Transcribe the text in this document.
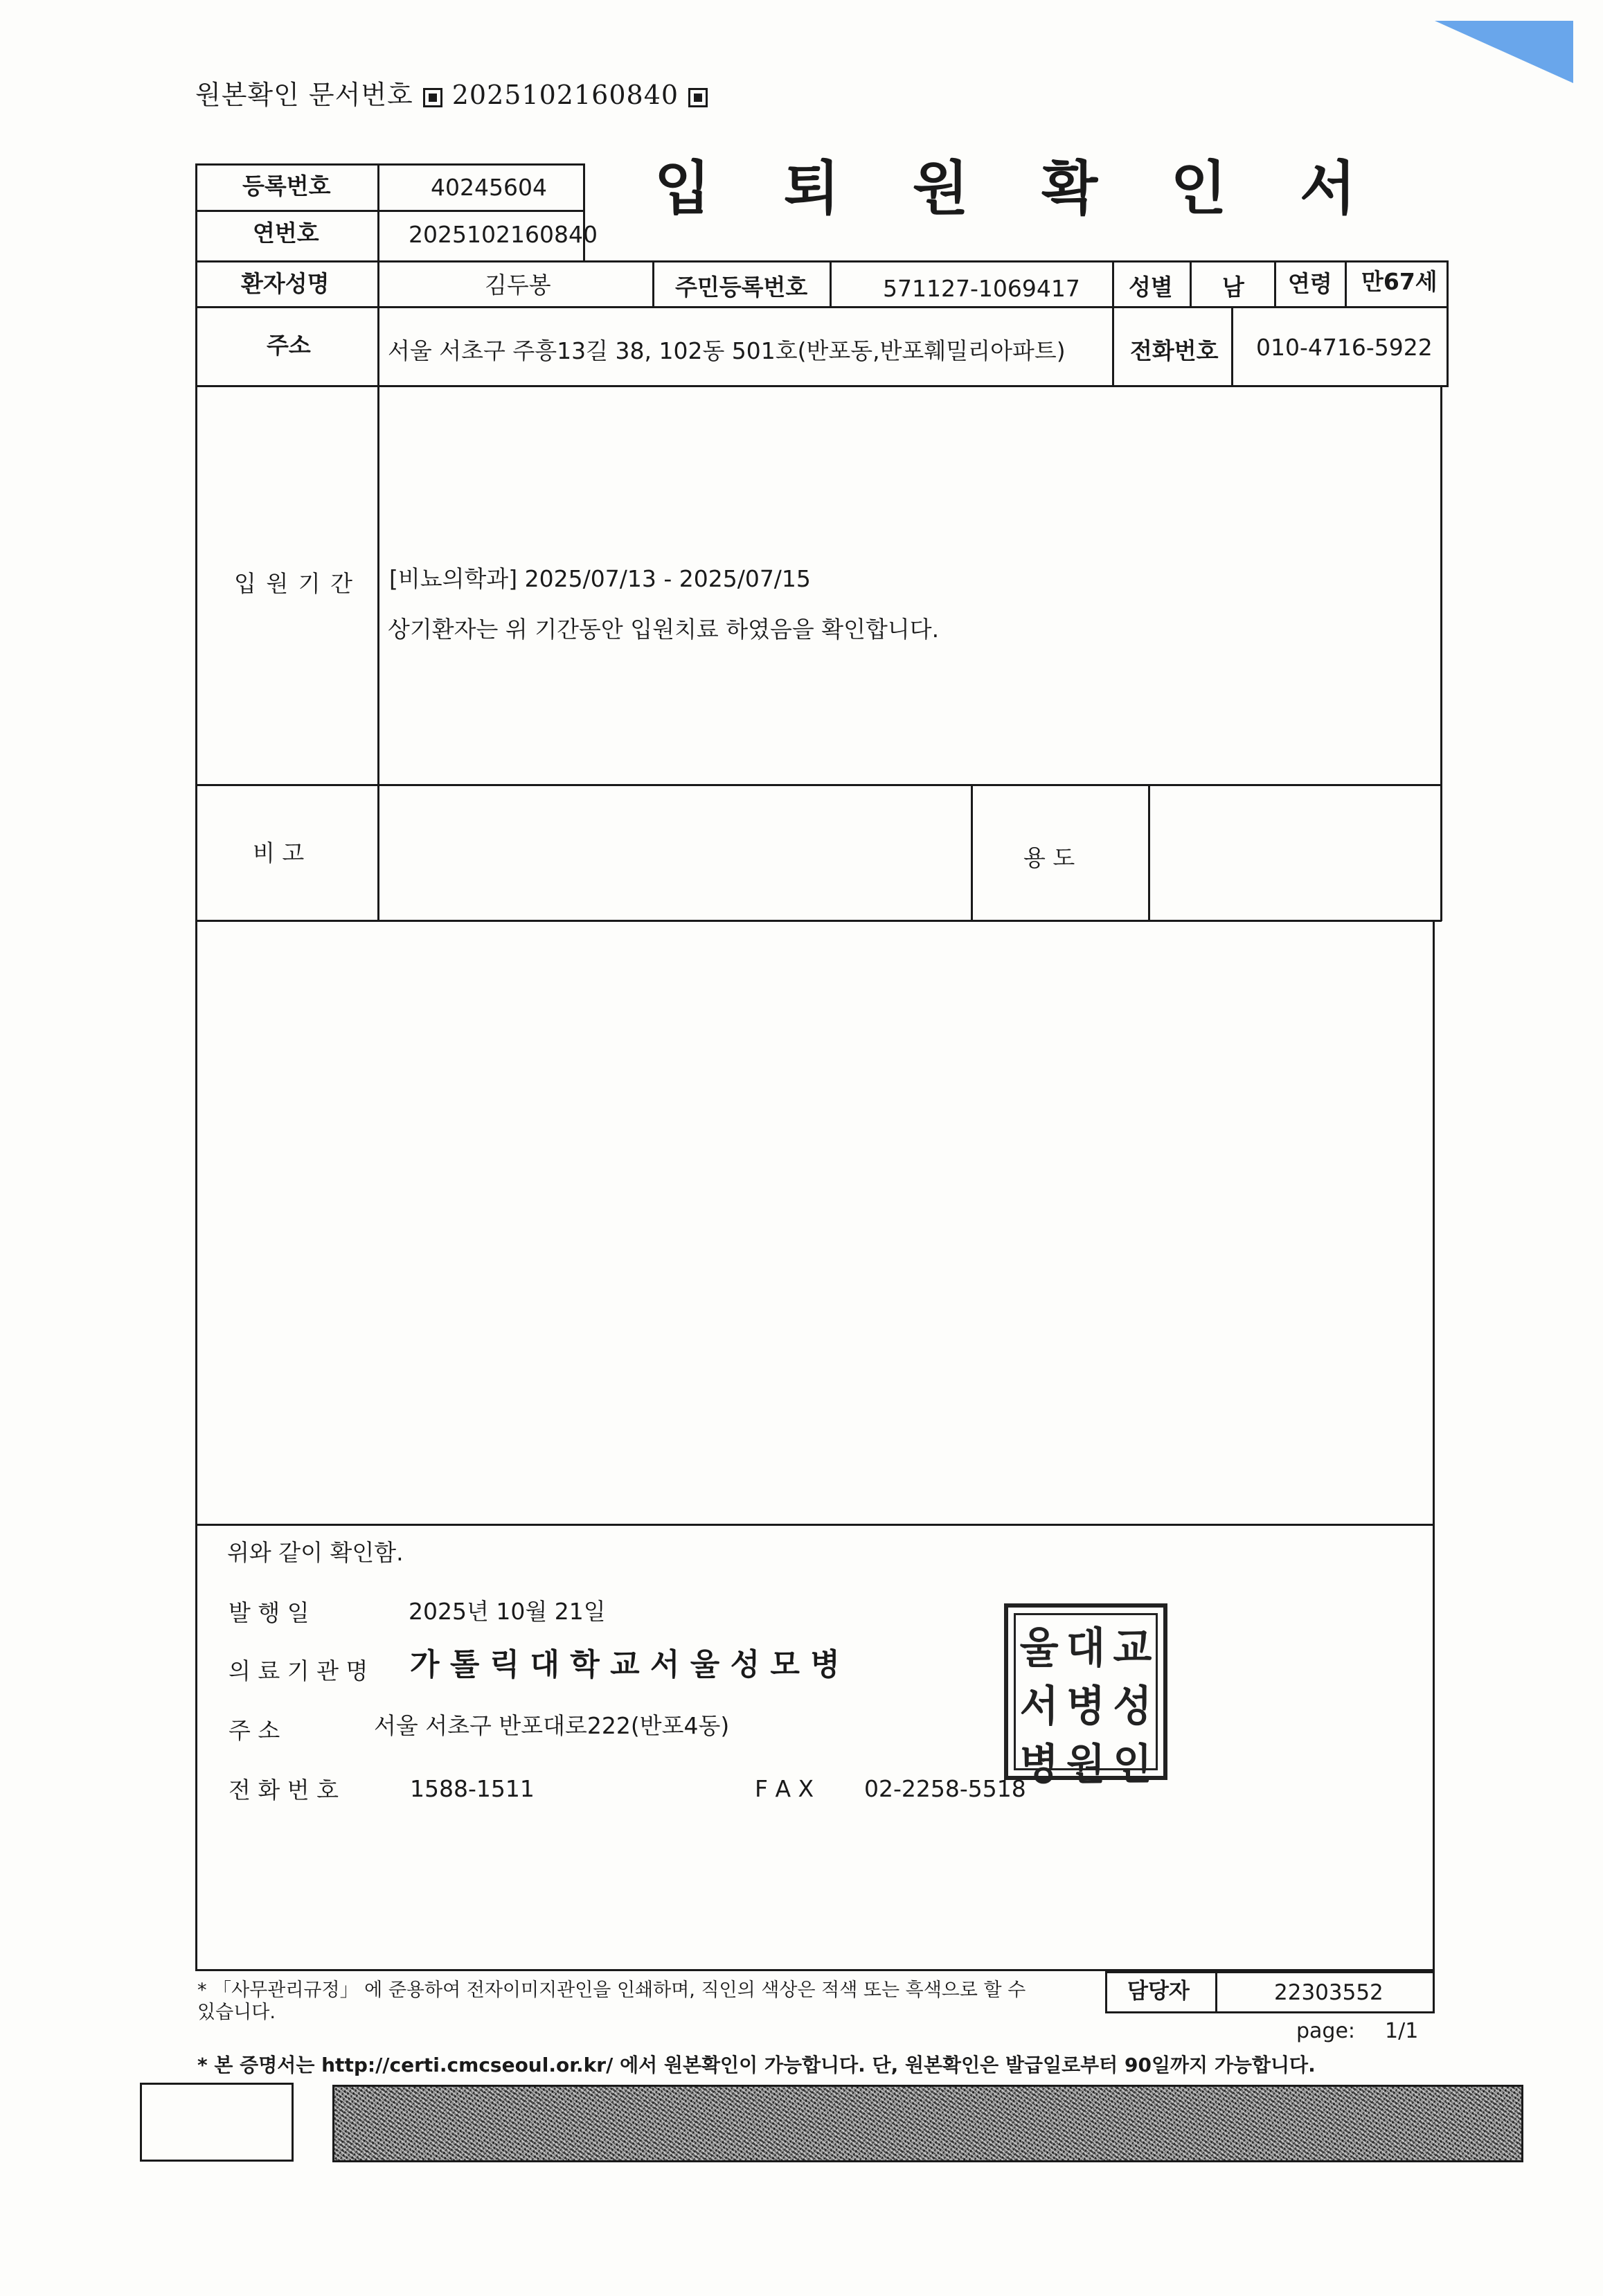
원본확인 문서번호 2025102160840
입 퇴 원 확 인 서
등록번호	40245604
연번호	2025102160840
환자성명	김두봉	주민등록번호	571127-1069417 성별 남 연령 만67세
주소	서울 서초구 주흥13길 38, 102동 501호(반포동,반포훼밀리아파트)	전화번호 010-4716-5922
입 원 기 간 [비뇨의학과] 2025/07/13 - 2025/07/15
상기환자는 위 기간동안 입원치료 하였음을 확인합니다.
비 고	용 도
위와 같이 확인함.
발 행 일	2025년 10월 21일
의 료 기 관 명 가 톨 릭 대 학 교 서 울 성 모 병
주 소	서울 서초구 반포대로222(반포4동)
전 화 번 호	1588-1511	F A X 02-2258-5518
울 대 교
서 병 성
병 원 인
* 「사무관리규정」 에 준용하여 전자이미지관인을 인쇄하며, 직인의 색상은 적색 또는 흑색으로 할 수
있습니다.
담당자	22303552
page: 1/1
* 본 증명서는 http://certi.cmcseoul.or.kr/ 에서 원본확인이 가능합니다. 단, 원본확인은 발급일로부터 90일까지 가능합니다.
